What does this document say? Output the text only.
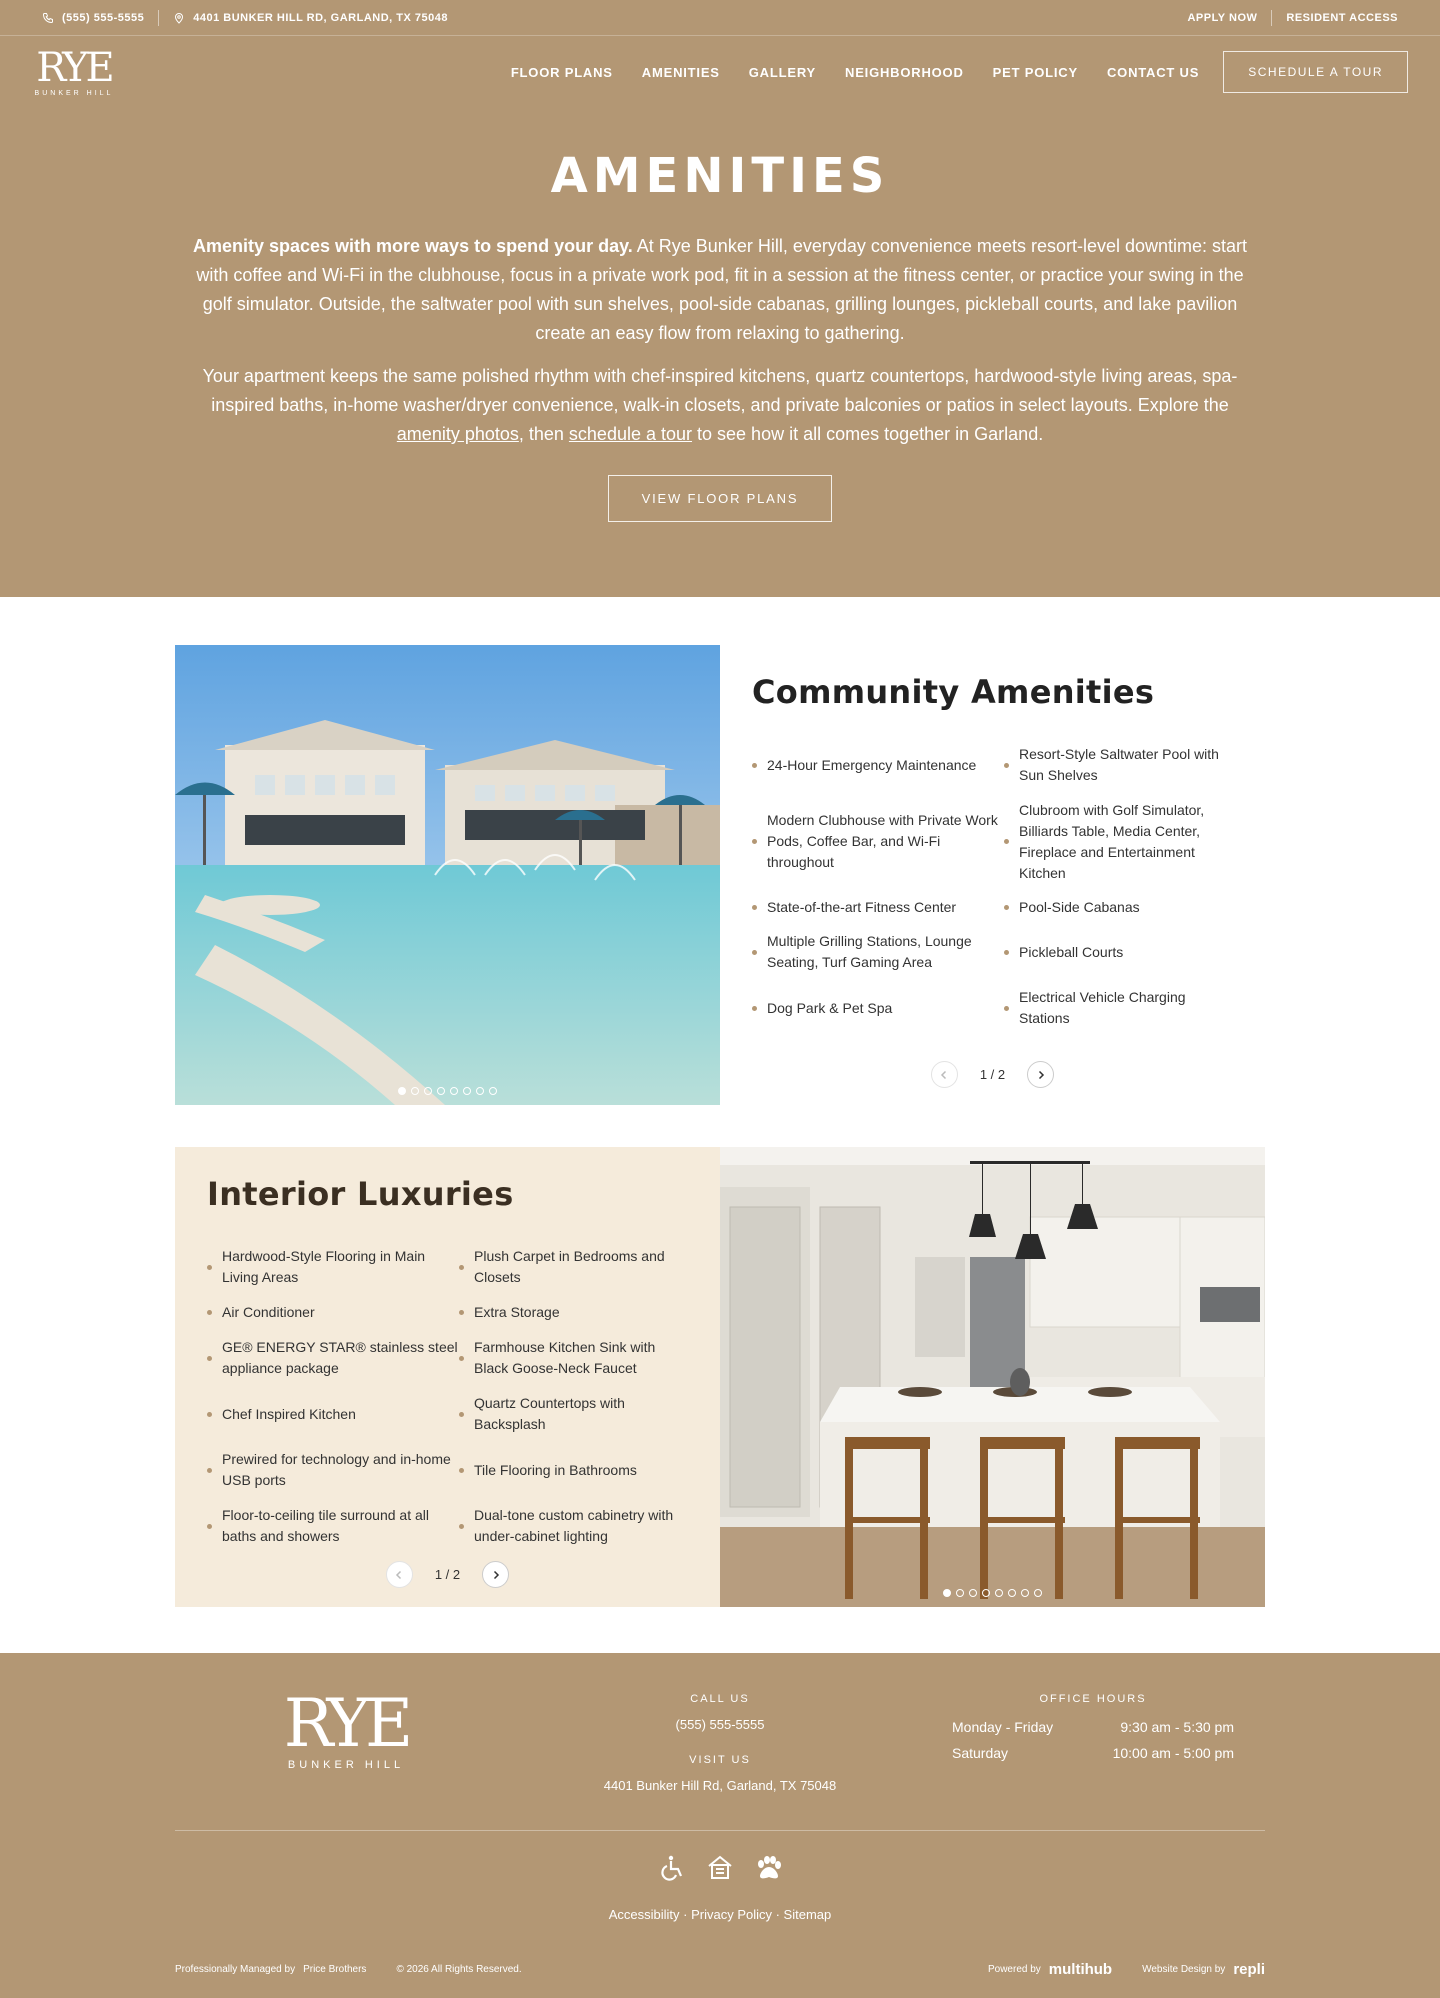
(555) 555-5555	4401 BUNKER HILL RD, GARLAND, TX 75048	APPLY NOW	RESIDENT ACCESS
RYE
BUNKER HILL
FLOOR PLANS AMENITIES GALLERY NEIGHBORHOOD PET POLICY CONTACT US	SCHEDULE A TOUR
AMENITIES

Amenity spaces with more ways to spend your day. At Rye Bunker Hill, everyday convenience meets resort-level downtime: start with coffee and Wi-Fi in the clubhouse, focus in a private work pod, fit in a session at the fitness center, or practice your swing in the golf simulator. Outside, the saltwater pool with sun shelves, pool-side cabanas, grilling lounges, pickleball courts, and lake pavilion create an easy flow from relaxing to gathering.

Your apartment keeps the same polished rhythm with chef-inspired kitchens, quartz countertops, hardwood-style living areas, spa-inspired baths, in-home washer/dryer convenience, walk-in closets, and private balconies or patios in select layouts. Explore the amenity photos, then schedule a tour to see how it all comes together in Garland.

VIEW FLOOR PLANS
Community Amenities
24-Hour Emergency Maintenance
Resort-Style Saltwater Pool with Sun Shelves
Modern Clubhouse with Private Work Pods, Coffee Bar, and Wi-Fi throughout
Clubroom with Golf Simulator, Billiards Table, Media Center, Fireplace and Entertainment Kitchen
State-of-the-art Fitness Center	Pool-Side Cabanas
Multiple Grilling Stations, Lounge Seating, Turf Gaming Area
Pickleball Courts
Dog Park & Pet Spa
Electrical Vehicle Charging Stations
1 / 2
Interior Luxuries
Hardwood-Style Flooring in Main Living Areas
Plush Carpet in Bedrooms and Closets
Air Conditioner	Extra Storage
GE® ENERGY STAR® stainless steel appliance package
Farmhouse Kitchen Sink with Black Goose-Neck Faucet
Chef Inspired Kitchen
Quartz Countertops with Backsplash
Prewired for technology and in-home USB ports
Tile Flooring in Bathrooms
Floor-to-ceiling tile surround at all baths and showers
Dual-tone custom cabinetry with under-cabinet lighting
1 / 2
RYE
BUNKER HILL
CALL US
(555) 555-5555
VISIT US
4401 Bunker Hill Rd, Garland, TX 75048
OFFICE HOURS
Monday - Friday	9:30 am - 5:30 pm
Saturday	10:00 am - 5:00 pm
Accessibility · Privacy Policy · Sitemap
Professionally Managed by Price Brothers	© 2026 All Rights Reserved.	Powered by multihub	Website Design by repli
